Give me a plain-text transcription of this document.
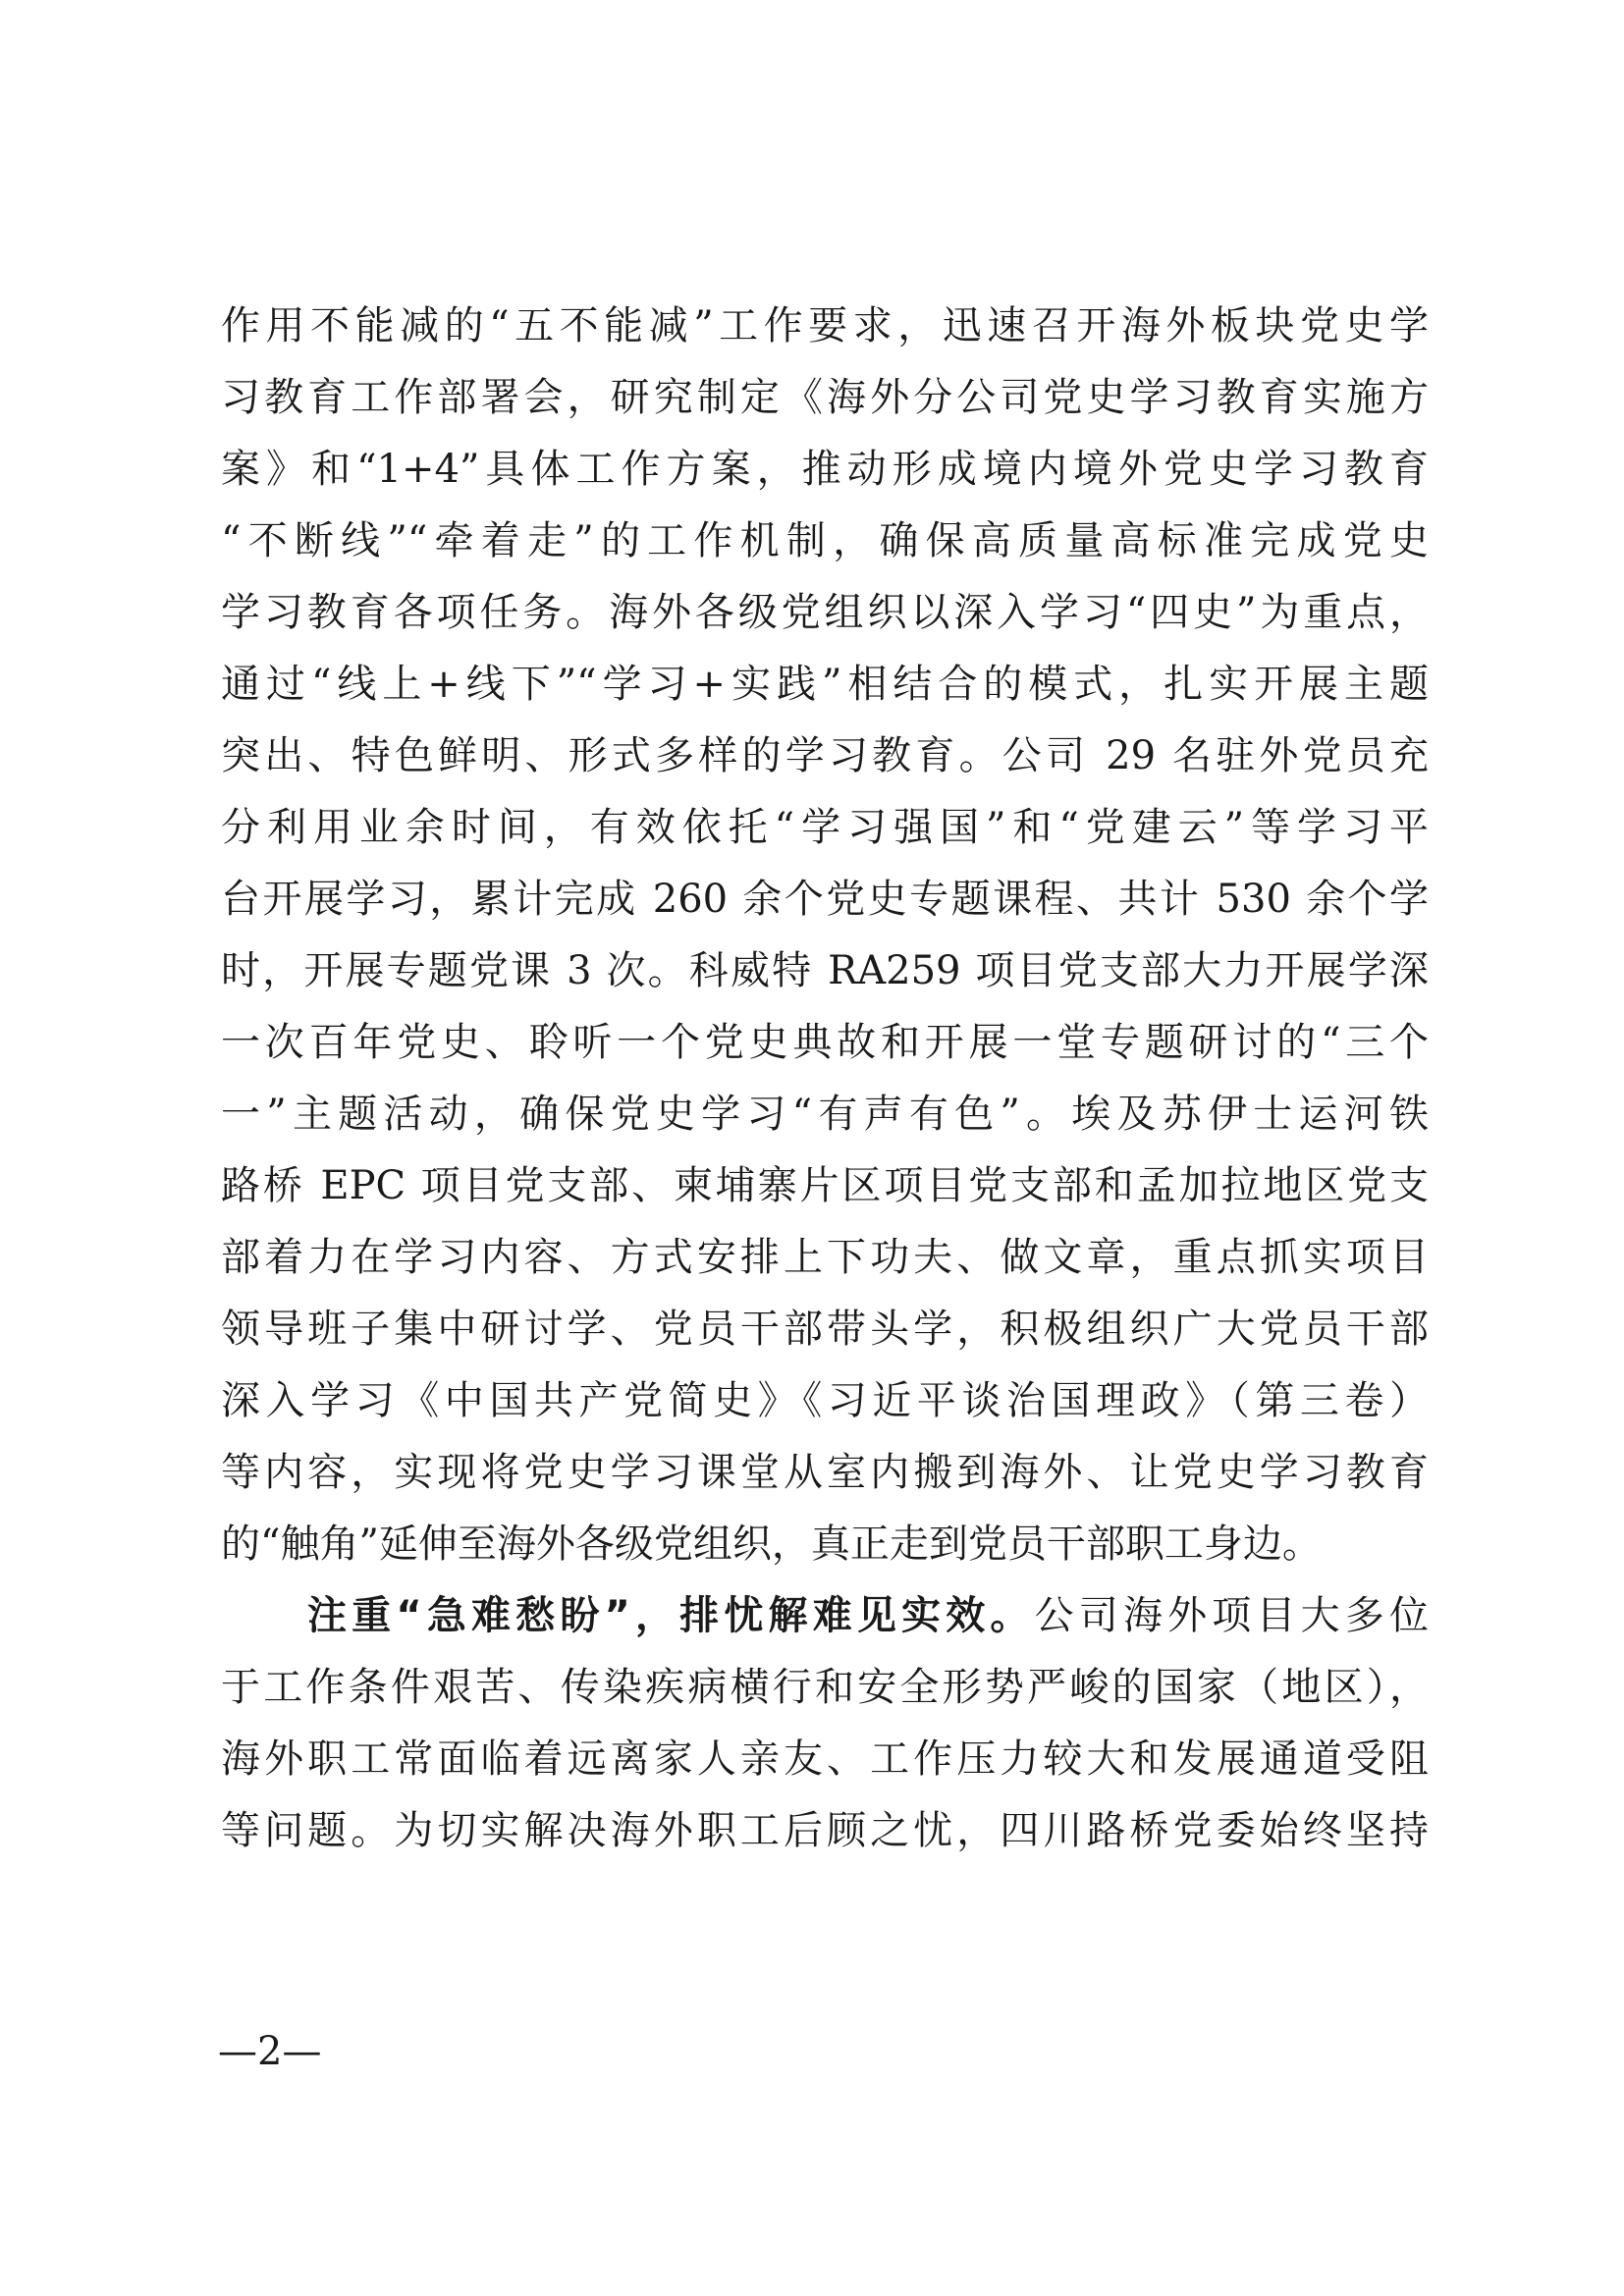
作用不能减的“五不能减”工作要求，迅速召开海外板块党史学
习教育工作部署会，研究制定《海外分公司党史学习教育实施方
案》和“1+4”具体工作方案，推动形成境内境外党史学习教育
“不断线”“牵着走”的工作机制，确保高质量高标准完成党史
学习教育各项任务。海外各级党组织以深入学习“四史”为重点，
通过“线上+线下”“学习+实践”相结合的模式，扎实开展主题
突出、特色鲜明、形式多样的学习教育。公司 29 名驻外党员充
分利用业余时间，有效依托“学习强国”和“党建云”等学习平
台开展学习，累计完成 260 余个党史专题课程、共计 530 余个学
时，开展专题党课 3 次。科威特 RA259 项目党支部大力开展学深
一次百年党史、聆听一个党史典故和开展一堂专题研讨的“三个
一”主题活动，确保党史学习“有声有色”。埃及苏伊士运河铁
路桥 EPC 项目党支部、柬埔寨片区项目党支部和孟加拉地区党支
部着力在学习内容、方式安排上下功夫、做文章，重点抓实项目
领导班子集中研讨学、党员干部带头学，积极组织广大党员干部
深入学习《中国共产党简史》《习近平谈治国理政》（第三卷）
等内容，实现将党史学习课堂从室内搬到海外、让党史学习教育
的“触角”延伸至海外各级党组织，真正走到党员干部职工身边。
注重“急难愁盼”，排忧解难见实效。公司海外项目大多位
于工作条件艰苦、传染疾病横行和安全形势严峻的国家（地区），
海外职工常面临着远离家人亲友、工作压力较大和发展通道受阻
等问题。为切实解决海外职工后顾之忧，四川路桥党委始终坚持
—2—
